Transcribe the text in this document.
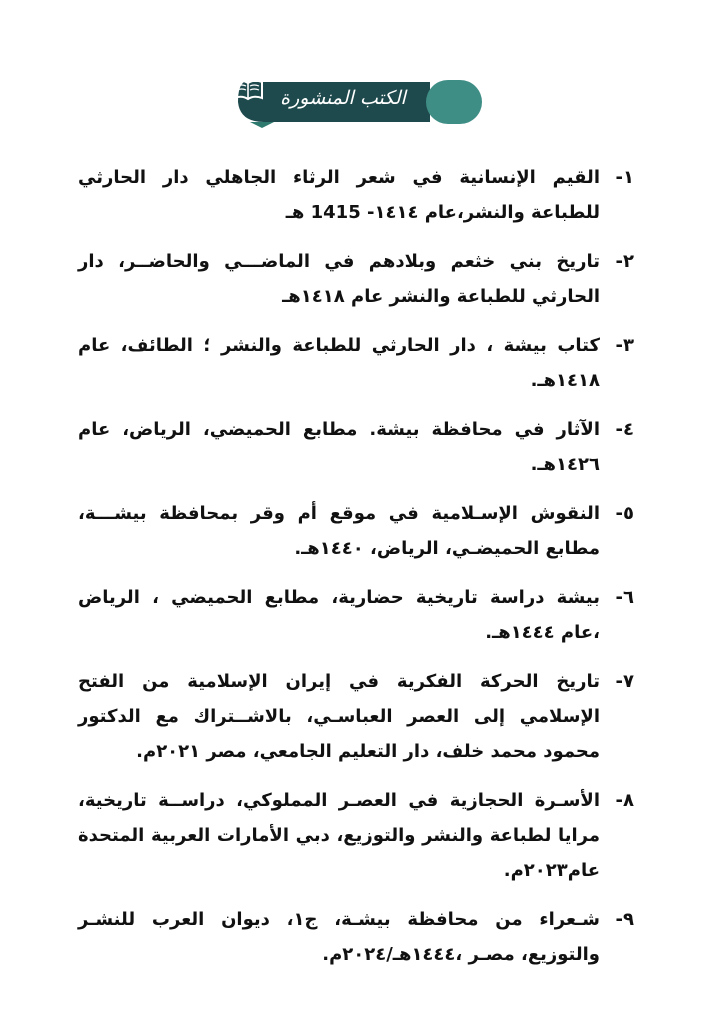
الكتب المنشورة
١-
القيم الإنسانية في شعر الرثاء الجاهلي دار الحارثي للطباعة والنشر،عام ١٤١٤- 1415 هـ
٢-
تاريخ بني خثعم وبلادهم في الماضـــي والحاضــر، دار الحارثي للطباعة والنشر عام ١٤١٨هـ
٣-
كتاب بيشة ، دار الحارثي للطباعة والنشر ؛ الطائف، عام ١٤١٨هـ.
٤-
الآثار في محافظة بيشة. مطابع الحميضي، الرياض، عام ١٤٢٦هـ.
٥-
النقوش الإسـلامية في موقع أم وقر بمحافظة بيشـــة، مطابع الحميضـي، الرياض، ١٤٤٠هـ.
٦-
بيشة دراسة تاريخية حضارية، مطابع الحميضي ، الرياض ،عام ١٤٤٤هـ.
٧-
تاريخ الحركة الفكرية في إيران الإسلامية من الفتح الإسلامي إلى العصر العباسـي، بالاشــتراك مع الدكتور محمود محمد خلف، دار التعليم الجامعي، مصر ٢٠٢١م.
٨-
الأسـرة الحجازية في العصـر المملوكي، دراســة تاريخية، مرايا لطباعة والنشر والتوزيع، دبي الأمارات العربية المتحدة عام٢٠٢٣م.
٩-
شـعراء من محافظة بيشـة، ج١، ديوان العرب للنشـر والتوزيع، مصـر ،١٤٤٤هـ/٢٠٢٤م.
